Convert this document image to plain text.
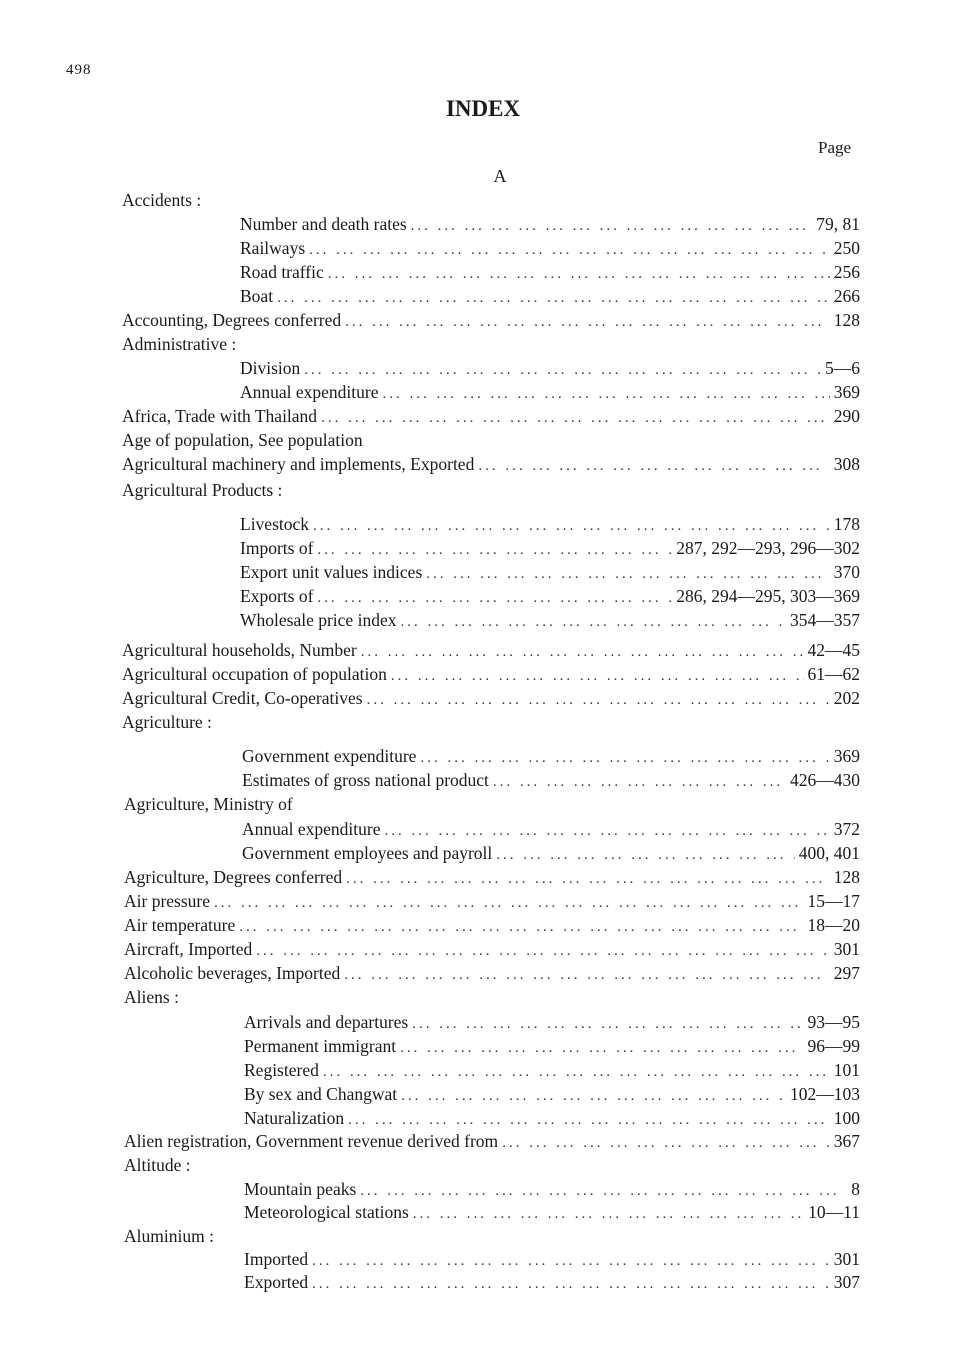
498
INDEX
Page
A
Accidents :
Number and death rates ... .	79, 81
Railways ... .	250
Road traffic ... .	256
Boat ... .	266
Accounting, Degrees conferred ... .	128
Administrative :
Division ... .	5—6
Annual expenditure ... .	369
Africa, Trade with Thailand ... .	290
Age of population, See population
Agricultural machinery and implements, Exported ... .	308
Agricultural Products :
Livestock ... .	178
Imports of ... .	287, 292—293, 296—302
Export unit values indices ... .	370
Exports of ... .	286, 294—295, 303—369
Wholesale price index ... .	354—357
Agricultural households, Number ... .	42—45
Agricultural occupation of population ... .	61—62
Agricultural Credit, Co-operatives ... .	202
Agriculture :
Government expenditure ... .	369
Estimates of gross national product ... .	426—430
Agriculture, Ministry of
Annual expenditure ... .	372
Government employees and payroll ... .	400, 401
Agriculture, Degrees conferred ... .	128
Air pressure ... .	15—17
Air temperature ... .	18—20
Aircraft, Imported ... .	301
Alcoholic beverages, Imported ... .	297
Aliens :
Arrivals and departures ... .	93—95
Permanent immigrant ... .	96—99
Registered ... .	101
By sex and Changwat ... .	102—103
Naturalization ... .	100
Alien registration, Government revenue derived from ... .	367
Altitude :
Mountain peaks ... .	8
Meteorological stations ... .	10—11
Aluminium :
Imported ... .	301
Exported ... .	307
